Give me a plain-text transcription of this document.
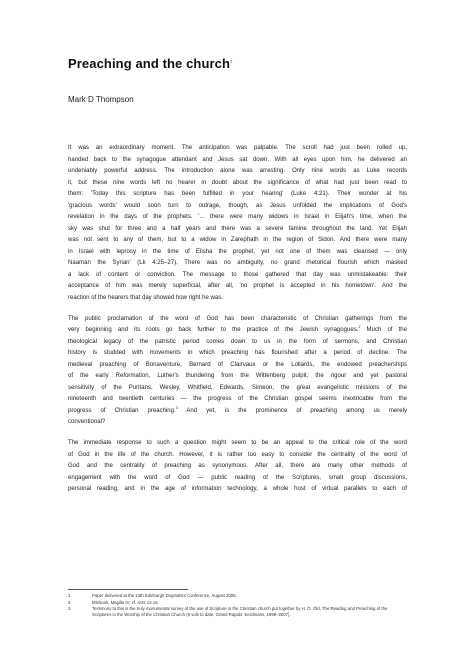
Preaching and the church$^1$
Mark D Thompson

It was an extraordinary moment. The anticipation was palpable. The scroll had just been rolled up,
handed back to the synagogue attendant and Jesus sat down. With all eyes upon him, he delivered an
undeniably powerful address. The introduction alone was arresting. Only nine words as Luke records
it, but these nine words left no hearer in doubt about the significance of what had just been read to
them: 'Today this scripture has been fulfilled in your hearing' (Luke 4:21). Their wonder at his
'gracious words' would soon turn to outrage, though, as Jesus unfolded the implications of God's
revelation in the days of the prophets. '... there were many widows in Israel in Elijah's time, when the
sky was shut for three and a half years and there was a severe famine throughout the land. Yet Elijah
was not sent to any of them, but to a widow in Zarephath in the region of Sidon. And there were many
in Israel with leprosy in the time of Elisha the prophet, yet not one of them was cleansed — only
Naaman the Syrian' (Lk 4:25–27). There was no ambiguity, no grand rhetorical flourish which masked
a lack of content or conviction. The message to those gathered that day was unmistakeable: their
acceptance of him was merely superficial, after all, 'no prophet is accepted in his hometown'. And the
reaction of the hearers that day showed how right he was.

The public proclamation of the word of God has been characteristic of Christian gatherings from the
very beginning and its roots go back further to the practice of the Jewish synagogues.$^2$ Much of the
theological legacy of the patristic period comes down to us in the form of sermons, and Christian
history is studded with movements in which preaching has flourished after a period of decline. The
medieval preaching of Bonaventure, Bernard of Clairvaux or the Lollards, the endowed preacherships
of the early Reformation, Luther's thundering from the Wittenberg pulpit, the rigour and yet pastoral
sensitivity of the Puritans, Wesley, Whitfield, Edwards, Simeon, the great evangelistic missions of the
nineteenth and twentieth centuries — the progress of the Christian gospel seems inextricable from the
progress of Christian preaching.$^3$ And yet, is the prominence of preaching among us merely
conventional?

The immediate response to such a question might seem to be an appeal to the critical role of the word
of God in the life of the church. However, it is rather too easy to consider the centrality of the word of
God and the centrality of preaching as synonymous. After all, there are many other methods of
engagement with the word of God — public reading of the Scriptures, small group discussions,
personal reading, and in the age of information technology, a whole host of virtual parallels to each of

1	Paper delivered at the 13th Edinburgh Dogmatics Conference, August 2009.
2	Mishnah, Megilla IV; cf. Acts 13.15.
3	Testimony to this is the truly monumental survey of the use of Scripture in the Christian church put together by H. O. Old, The Reading and Preaching of the Scriptures in the Worship of the Christian Church (6 vols to date; Grand Rapids: Eerdmans, 1998–2007).
